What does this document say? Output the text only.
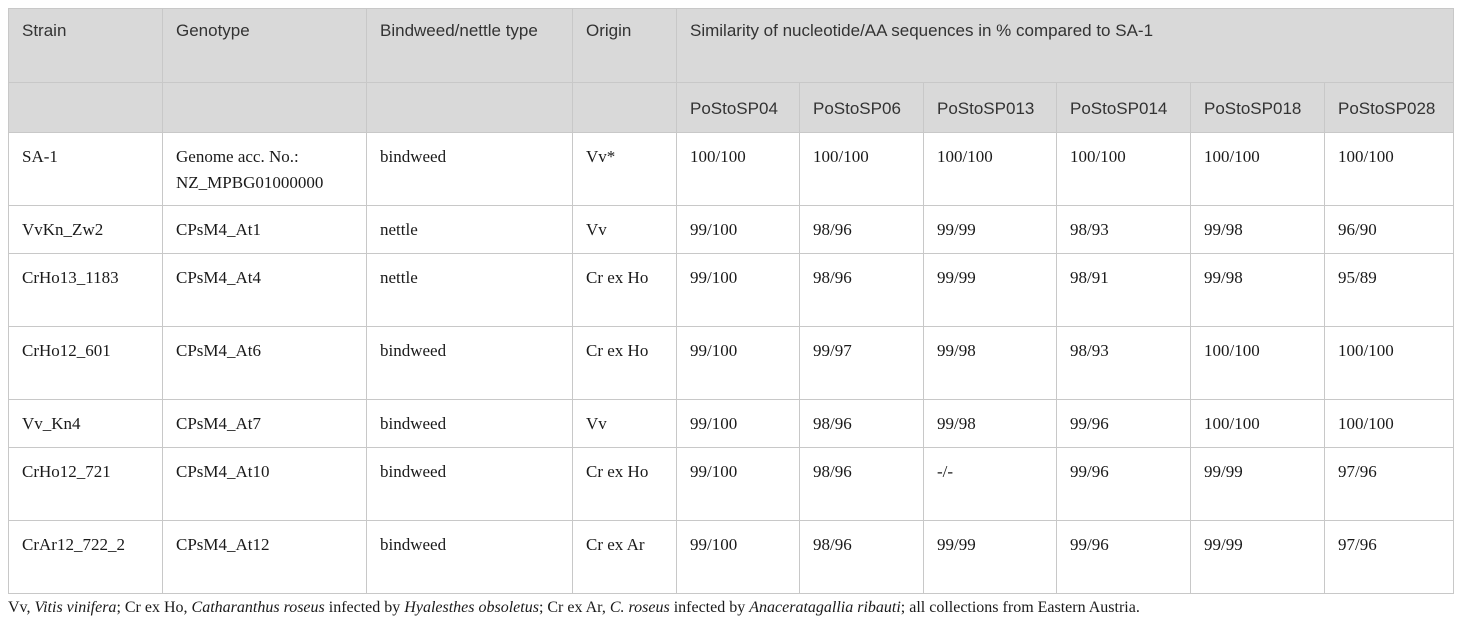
Strain	Genotype	Bindweed/nettle type	Origin	Similarity of nucleotide/AA sequences in % compared to SA-1					
				PoStoSP04	PoStoSP06	PoStoSP013	PoStoSP014	PoStoSP018	PoStoSP028
SA-1	Genome acc. No.: NZ_MPBG01000000	bindweed	Vv*	100/100	100/100	100/100	100/100	100/100	100/100
VvKn_Zw2	CPsM4_At1	nettle	Vv	99/100	98/96	99/99	98/93	99/98	96/90
CrHo13_1183	CPsM4_At4	nettle	Cr ex Ho	99/100	98/96	99/99	98/91	99/98	95/89
CrHo12_601	CPsM4_At6	bindweed	Cr ex Ho	99/100	99/97	99/98	98/93	100/100	100/100
Vv_Kn4	CPsM4_At7	bindweed	Vv	99/100	98/96	99/98	99/96	100/100	100/100
CrHo12_721	CPsM4_At10	bindweed	Cr ex Ho	99/100	98/96	-/-	99/96	99/99	97/96
CrAr12_722_2	CPsM4_At12	bindweed	Cr ex Ar	99/100	98/96	99/99	99/96	99/99	97/96
Vv, Vitis vinifera; Cr ex Ho, Catharanthus roseus infected by Hyalesthes obsoletus; Cr ex Ar, C. roseus infected by Anaceratagallia ribauti; all collections from Eastern Austria.
